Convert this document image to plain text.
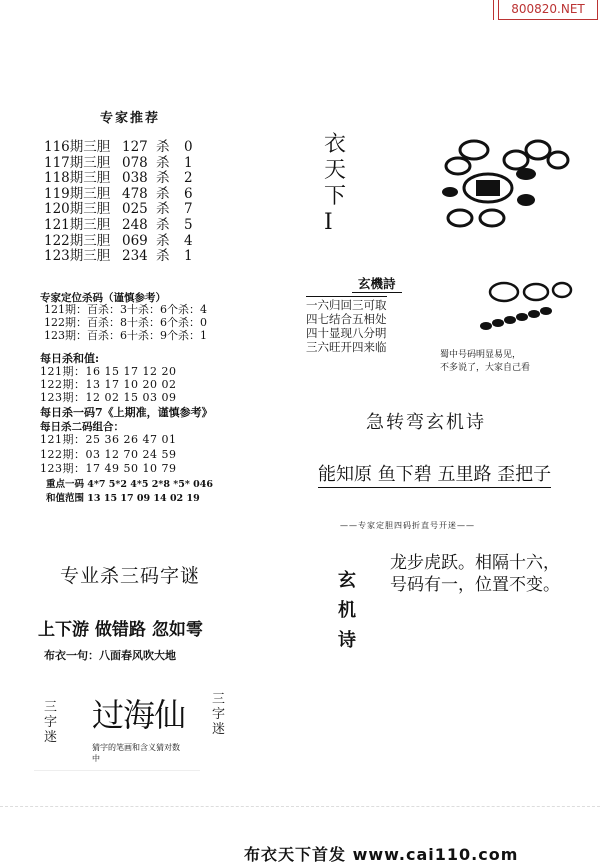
800820.NET
专家推荐
116期三胆 127 杀 0
117期三胆 078 杀 1
118期三胆 038 杀 2
119期三胆 478 杀 6
120期三胆 025 杀 7
121期三胆 248 杀 5
122期三胆 069 杀 4
123期三胆 234 杀 1
专家定位杀码（谨慎参考）
121期：百杀：3十杀：6个杀：4
122期：百杀：8十杀：6个杀：0
123期：百杀：6十杀：9个杀：1
每日杀和值:
121期：16 15 17 12 20
122期：13 17 10 20 02
123期：12 02 15 03 09
每日杀一码7《上期准，谨慎参考》
每日杀二码组合：
121期：25 36 26 47 01
122期：03 12 70 24 59
123期：17 49 50 10 79
重点一码 4*7 5*2 4*5 2*8 *5* 046
和值范围 13 15 17 09 14 02 19
专业杀三码字谜
上下游 做错路 忽如雩
布衣一句：八面春风吹大地
三字迷
过海仙
猜字的笔画和含义猜对数中
三字迷
衣天下I
玄機詩
一六归回三可取
四七结合五相处
四十显现八分明
三六旺开四来临
蜀中号码明显易见，
不多说了，大家自己看
急转弯玄机诗
能知原 鱼下碧 五里路 歪把子
——专家定胆四码折直号开迷——
玄机诗
龙步虎跃。相隔十六，
号码有一，位置不变。
布衣天下首发 www.cai110.com
